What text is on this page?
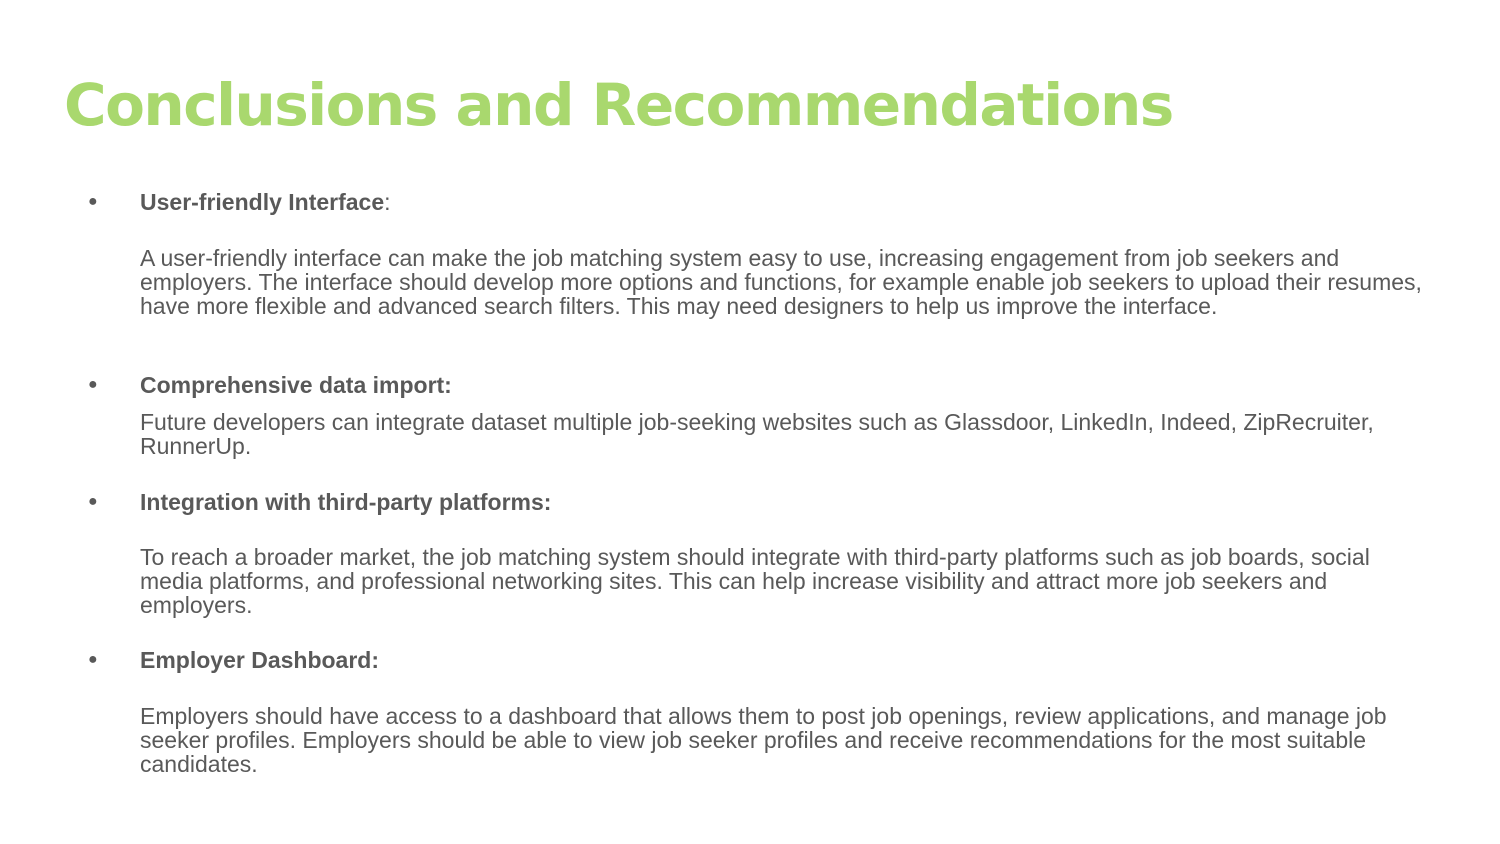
Conclusions and Recommendations
● User-friendly Interface:

A user-friendly interface can make the job matching system easy to use, increasing engagement from job seekers and employers. The interface should develop more options and functions, for example enable job seekers to upload their resumes, have more flexible and advanced search filters. This may need designers to help us improve the interface.

● Comprehensive data import:

Future developers can integrate dataset multiple job-seeking websites such as Glassdoor, LinkedIn, Indeed, ZipRecruiter, RunnerUp.

● Integration with third-party platforms:

To reach a broader market, the job matching system should integrate with third-party platforms such as job boards, social media platforms, and professional networking sites. This can help increase visibility and attract more job seekers and employers.

● Employer Dashboard:

Employers should have access to a dashboard that allows them to post job openings, review applications, and manage job seeker profiles. Employers should be able to view job seeker profiles and receive recommendations for the most suitable candidates.
